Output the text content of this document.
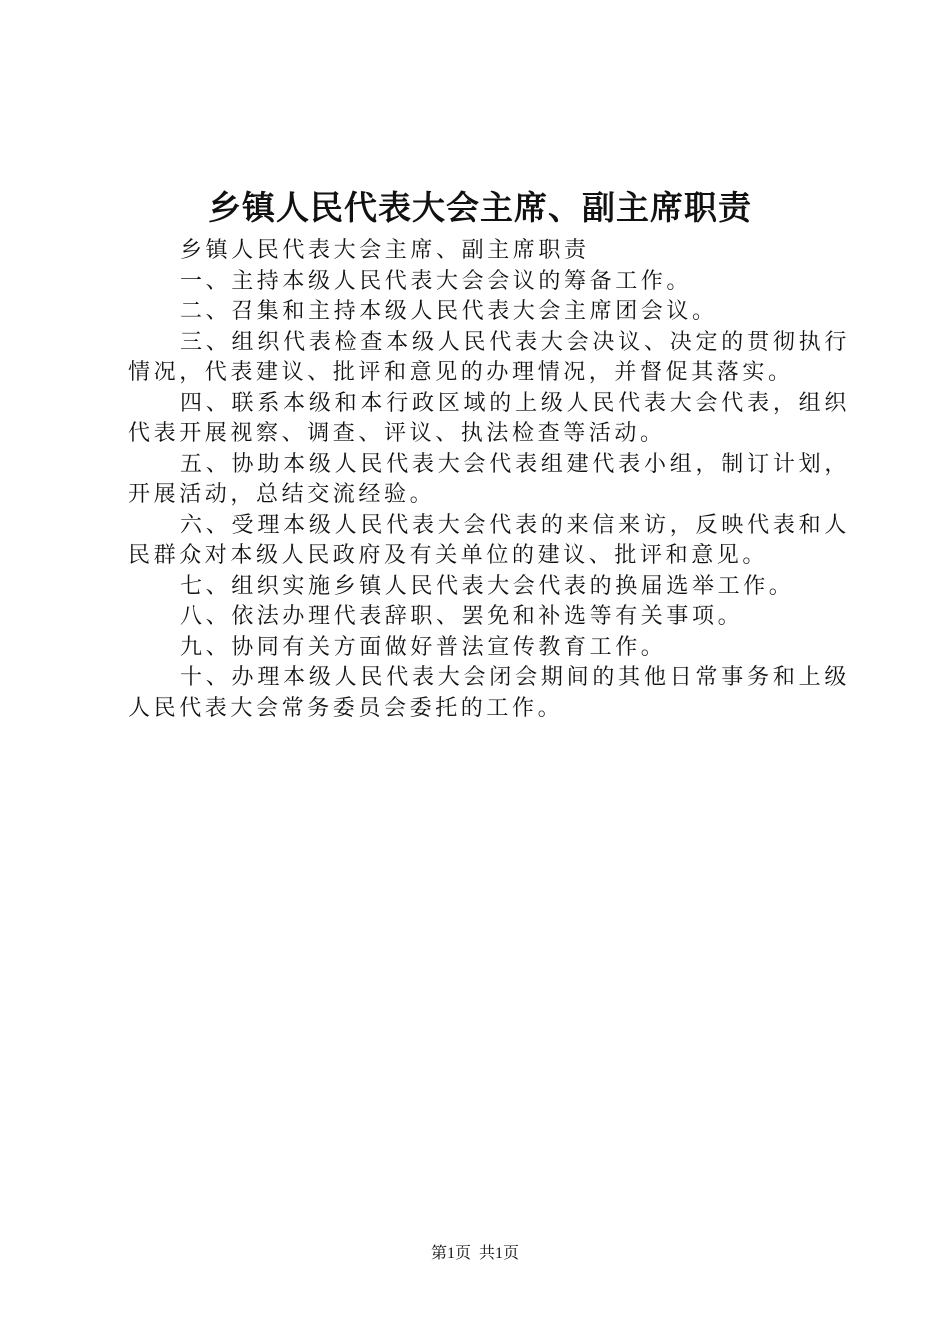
乡镇人民代表大会主席、副主席职责

乡镇人民代表大会主席、副主席职责

一、主持本级人民代表大会会议的筹备工作。

二、召集和主持本级人民代表大会主席团会议。

三、组织代表检查本级人民代表大会决议、决定的贯彻执行情况，代表建议、批评和意见的办理情况，并督促其落实。

四、联系本级和本行政区域的上级人民代表大会代表，组织代表开展视察、调查、评议、执法检查等活动。

五、协助本级人民代表大会代表组建代表小组，制订计划，开展活动，总结交流经验。

六、受理本级人民代表大会代表的来信来访，反映代表和人民群众对本级人民政府及有关单位的建议、批评和意见。

七、组织实施乡镇人民代表大会代表的换届选举工作。

八、依法办理代表辞职、罢免和补选等有关事项。

九、协同有关方面做好普法宣传教育工作。

十、办理本级人民代表大会闭会期间的其他日常事务和上级人民代表大会常务委员会委托的工作。

第1页 共1页
